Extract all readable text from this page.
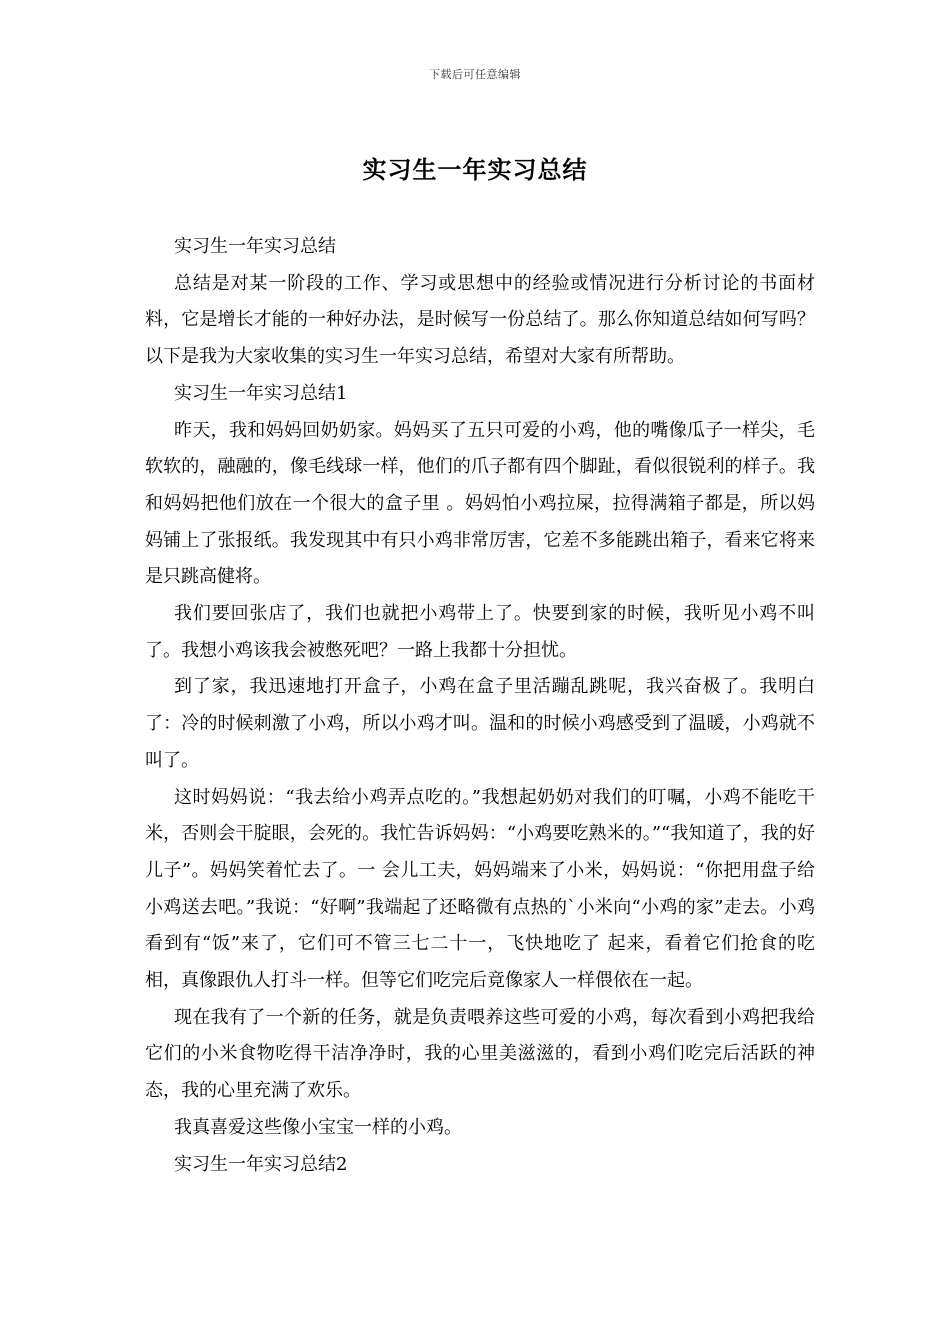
下载后可任意编辑
实习生一年实习总结

实习生一年实习总结

总结是对某一阶段的工作、学习或思想中的经验或情况进行分析讨论的书面材料，它是增长才能的一种好办法，是时候写一份总结了。那么你知道总结如何写吗？以下是我为大家收集的实习生一年实习总结，希望对大家有所帮助。

实习生一年实习总结1

昨天，我和妈妈回奶奶家。妈妈买了五只可爱的小鸡，他的嘴像瓜子一样尖，毛软软的，融融的，像毛线球一样，他们的爪子都有四个脚趾，看似很锐利的样子。我和妈妈把他们放在一个很大的盒子里 。妈妈怕小鸡拉屎，拉得满箱子都是，所以妈妈铺上了张报纸。我发现其中有只小鸡非常厉害，它差不多能跳出箱子，看来它将来是只跳高健将。

我们要回张店了，我们也就把小鸡带上了。快要到家的时候，我听见小鸡不叫了。我想小鸡该我会被憋死吧？一路上我都十分担忧。

到了家，我迅速地打开盒子，小鸡在盒子里活蹦乱跳呢，我兴奋极了。我明白了：冷的时候刺激了小鸡，所以小鸡才叫。温和的时候小鸡感受到了温暖，小鸡就不叫了。

这时妈妈说：“我去给小鸡弄点吃的。”我想起奶奶对我们的叮嘱，小鸡不能吃干米，否则会干腚眼，会死的。我忙告诉妈妈：“小鸡要吃熟米的。”“我知道了，我的好儿子”。妈妈笑着忙去了。一 会儿工夫，妈妈端来了小米，妈妈说：“你把用盘子给小鸡送去吧。”我说：“好啊”我端起了还略微有点热的`小米向“小鸡的家”走去。小鸡看到有“饭”来了，它们可不管三七二十一，飞快地吃了 起来，看着它们抢食的吃相，真像跟仇人打斗一样。但等它们吃完后竟像家人一样偎依在一起。

现在我有了一个新的任务，就是负责喂养这些可爱的小鸡，每次看到小鸡把我给它们的小米食物吃得干洁净净时，我的心里美滋滋的，看到小鸡们吃完后活跃的神态，我的心里充满了欢乐。

我真喜爱这些像小宝宝一样的小鸡。

实习生一年实习总结2
